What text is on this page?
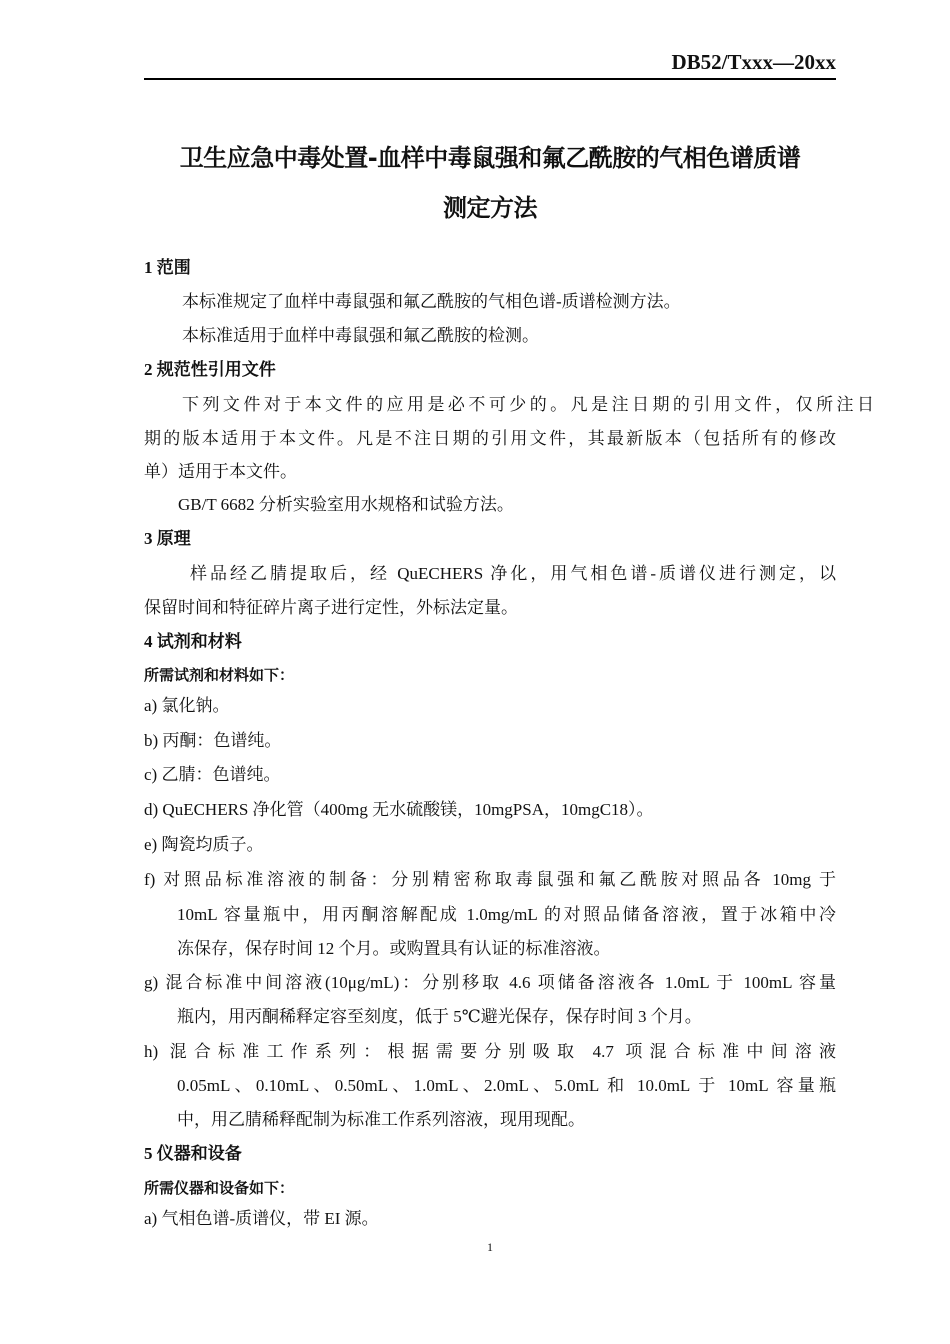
DB52/Txxx—20xx
卫生应急中毒处置-血样中毒鼠强和氟乙酰胺的气相色谱质谱
测定方法
1 范围
本标准规定了血样中毒鼠强和氟乙酰胺的气相色谱-质谱检测方法。
本标准适用于血样中毒鼠强和氟乙酰胺的检测。
2 规范性引用文件
下列文件对于本文件的应用是必不可少的。凡是注日期的引用文件，仅所注日
期的版本适用于本文件。凡是不注日期的引用文件，其最新版本（包括所有的修改
单）适用于本文件。
GB/T 6682 分析实验室用水规格和试验方法。
3 原理
样品经乙腈提取后，经 QuECHERS 净化，用气相色谱-质谱仪进行测定，以
保留时间和特征碎片离子进行定性，外标法定量。
4 试剂和材料
所需试剂和材料如下：
a) 氯化钠。
b) 丙酮：色谱纯。
c) 乙腈：色谱纯。
d) QuECHERS 净化管（400mg 无水硫酸镁，10mgPSA，10mgC18）。
e) 陶瓷均质子。
f) 对照品标准溶液的制备：分别精密称取毒鼠强和氟乙酰胺对照品各 10mg 于
10mL 容量瓶中，用丙酮溶解配成 1.0mg/mL 的对照品储备溶液，置于冰箱中冷
冻保存，保存时间 12 个月。或购置具有认证的标准溶液。
g) 混合标准中间溶液(10μg/mL)：分别移取 4.6 项储备溶液各 1.0mL 于 100mL 容量
瓶内，用丙酮稀释定容至刻度，低于 5℃避光保存，保存时间 3 个月。
h) 混合标准工作系列：根据需要分别吸取 4.7 项混合标准中间溶液
0.05mL、0.10mL、0.50mL、1.0mL、2.0mL、5.0mL 和 10.0mL 于 10mL 容量瓶
中，用乙腈稀释配制为标准工作系列溶液，现用现配。
5 仪器和设备
所需仪器和设备如下：
a) 气相色谱-质谱仪，带 EI 源。
1
